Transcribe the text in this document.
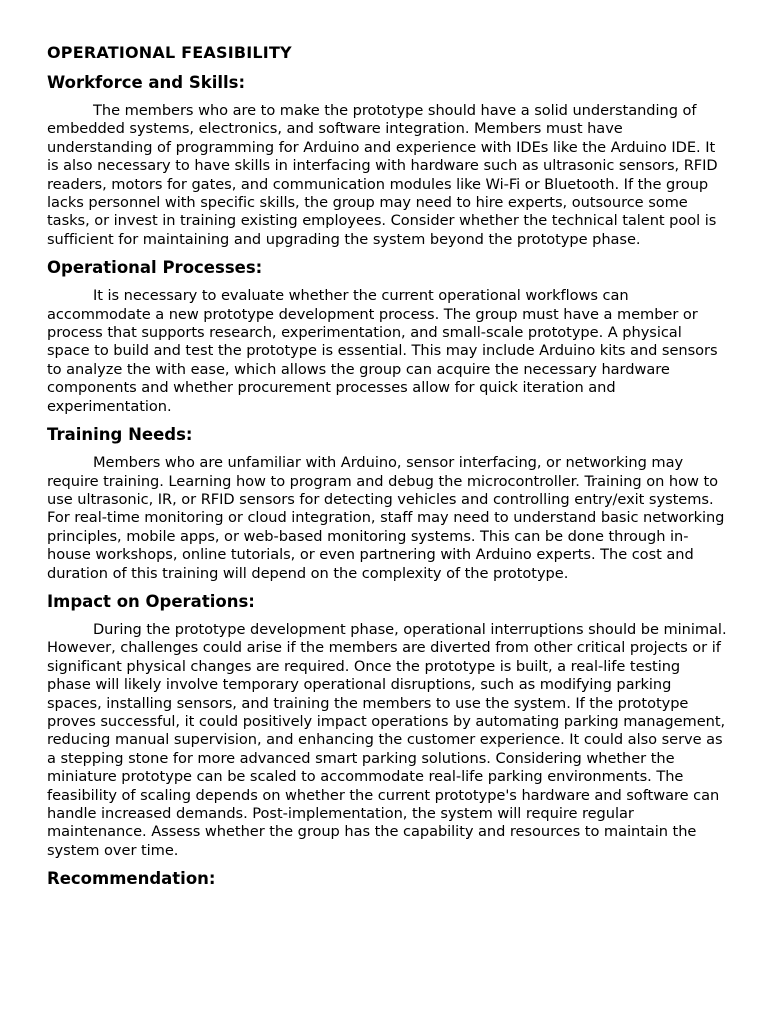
OPERATIONAL FEASIBILITY
Workforce and Skills:

The members who are to make the prototype should have a solid understanding of embedded systems, electronics, and software integration. Members must have understanding of programming for Arduino and experience with IDEs like the Arduino IDE. It is also necessary to have skills in interfacing with hardware such as ultrasonic sensors, RFID readers, motors for gates, and communication modules like Wi-Fi or Bluetooth. If the group lacks personnel with specific skills, the group may need to hire experts, outsource some tasks, or invest in training existing employees. Consider whether the technical talent pool is sufficient for maintaining and upgrading the system beyond the prototype phase.

Operational Processes:

It is necessary to evaluate whether the current operational workflows can accommodate a new prototype development process. The group must have a member or process that supports research, experimentation, and small-scale prototype. A physical space to build and test the prototype is essential. This may include Arduino kits and sensors to analyze the with ease, which allows the group can acquire the necessary hardware components and whether procurement processes allow for quick iteration and experimentation.

Training Needs:

Members who are unfamiliar with Arduino, sensor interfacing, or networking may require training. Learning how to program and debug the microcontroller. Training on how to use ultrasonic, IR, or RFID sensors for detecting vehicles and controlling entry/exit systems. For real-time monitoring or cloud integration, staff may need to understand basic networking principles, mobile apps, or web-based monitoring systems. This can be done through in-house workshops, online tutorials, or even partnering with Arduino experts. The cost and duration of this training will depend on the complexity of the prototype.

Impact on Operations:

During the prototype development phase, operational interruptions should be minimal. However, challenges could arise if the members are diverted from other critical projects or if significant physical changes are required. Once the prototype is built, a real-life testing phase will likely involve temporary operational disruptions, such as modifying parking spaces, installing sensors, and training the members to use the system. If the prototype proves successful, it could positively impact operations by automating parking management, reducing manual supervision, and enhancing the customer experience. It could also serve as a stepping stone for more advanced smart parking solutions. Considering whether the miniature prototype can be scaled to accommodate real-life parking environments. The feasibility of scaling depends on whether the current prototype's hardware and software can handle increased demands. Post-implementation, the system will require regular maintenance. Assess whether the group has the capability and resources to maintain the system over time.

Recommendation:
